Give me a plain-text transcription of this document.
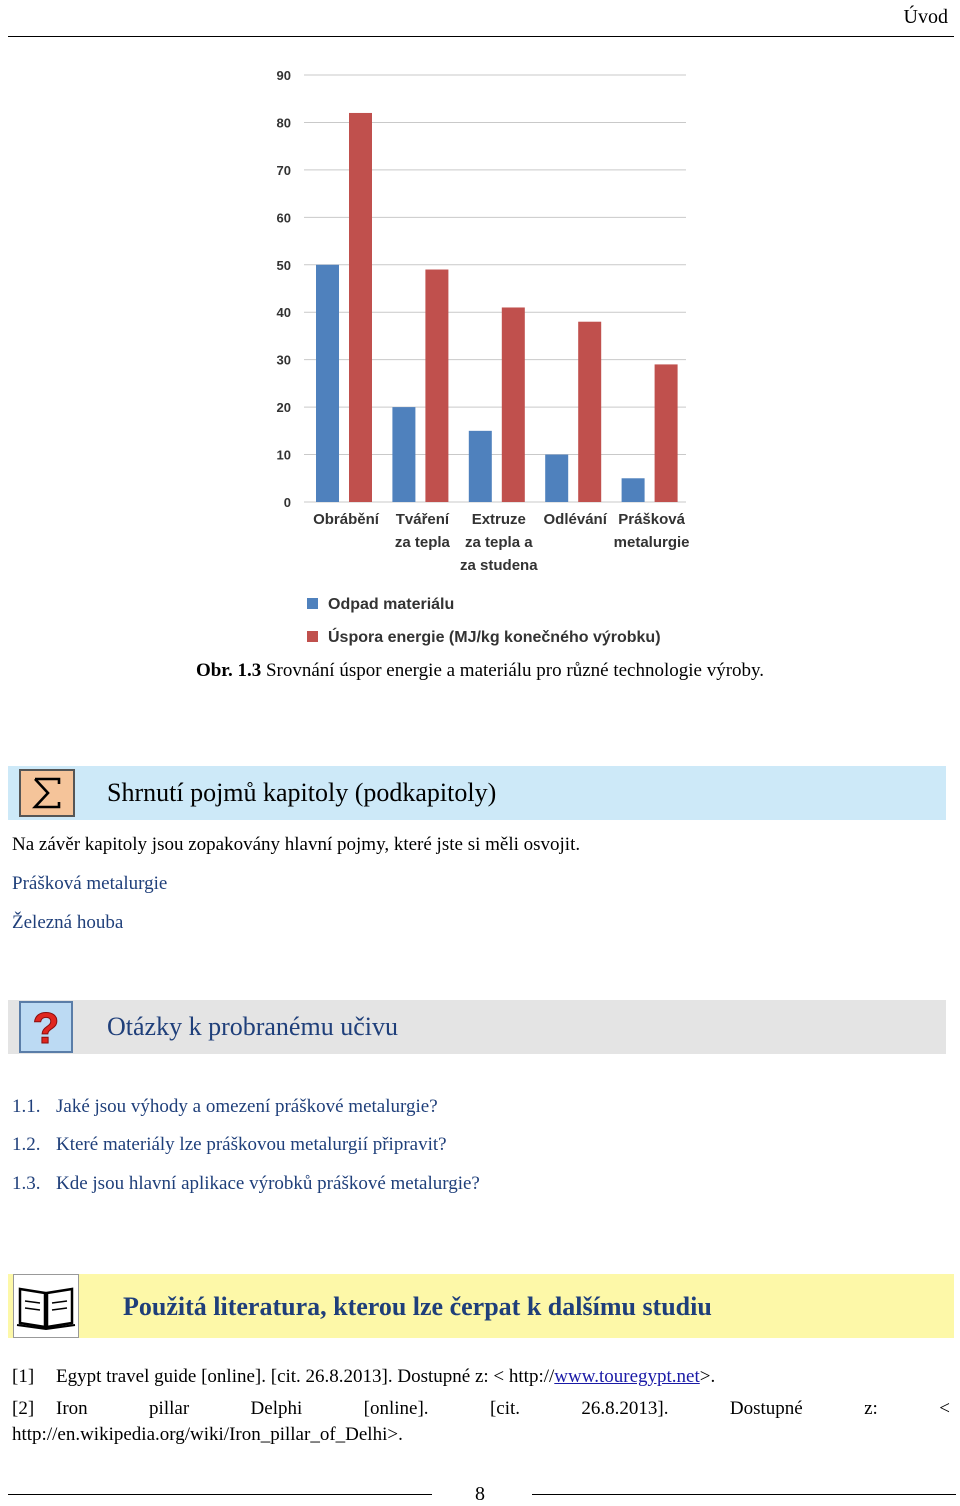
Úvod
0
10
20
30
40
50
60
70
80
90
Obrábění Tváření
za tepla
Extruze
za tepla a
za studena
Odlévání Prášková
metalurgie
Odpad materiálu
Úspora energie (MJ/kg konečného výrobku)
Obr. 1.3 Srovnání úspor energie a materiálu pro různé technologie výroby.
Shrnutí pojmů kapitoly (podkapitoly)
Na závěr kapitoly jsou zopakovány hlavní pojmy, které jste si měli osvojit.
Prášková metalurgie
Železná houba
? Otázky k probranému učivu
1.1. Jaké jsou výhody a omezení práškové metalurgie?
1.2. Které materiály lze práškovou metalurgií připravit?
1.3. Kde jsou hlavní aplikace výrobků práškové metalurgie?
Použitá literatura, kterou lze čerpat k dalšímu studiu
[1] Egypt travel guide [online]. [cit. 26.8.2013]. Dostupné z: < http://www.touregypt.net>.
[2]	Iron	pillar	Delphi	[online].	[cit.	26.8.2013].	Dostupné	z:	<
http://en.wikipedia.org/wiki/Iron_pillar_of_Delhi>.
8
